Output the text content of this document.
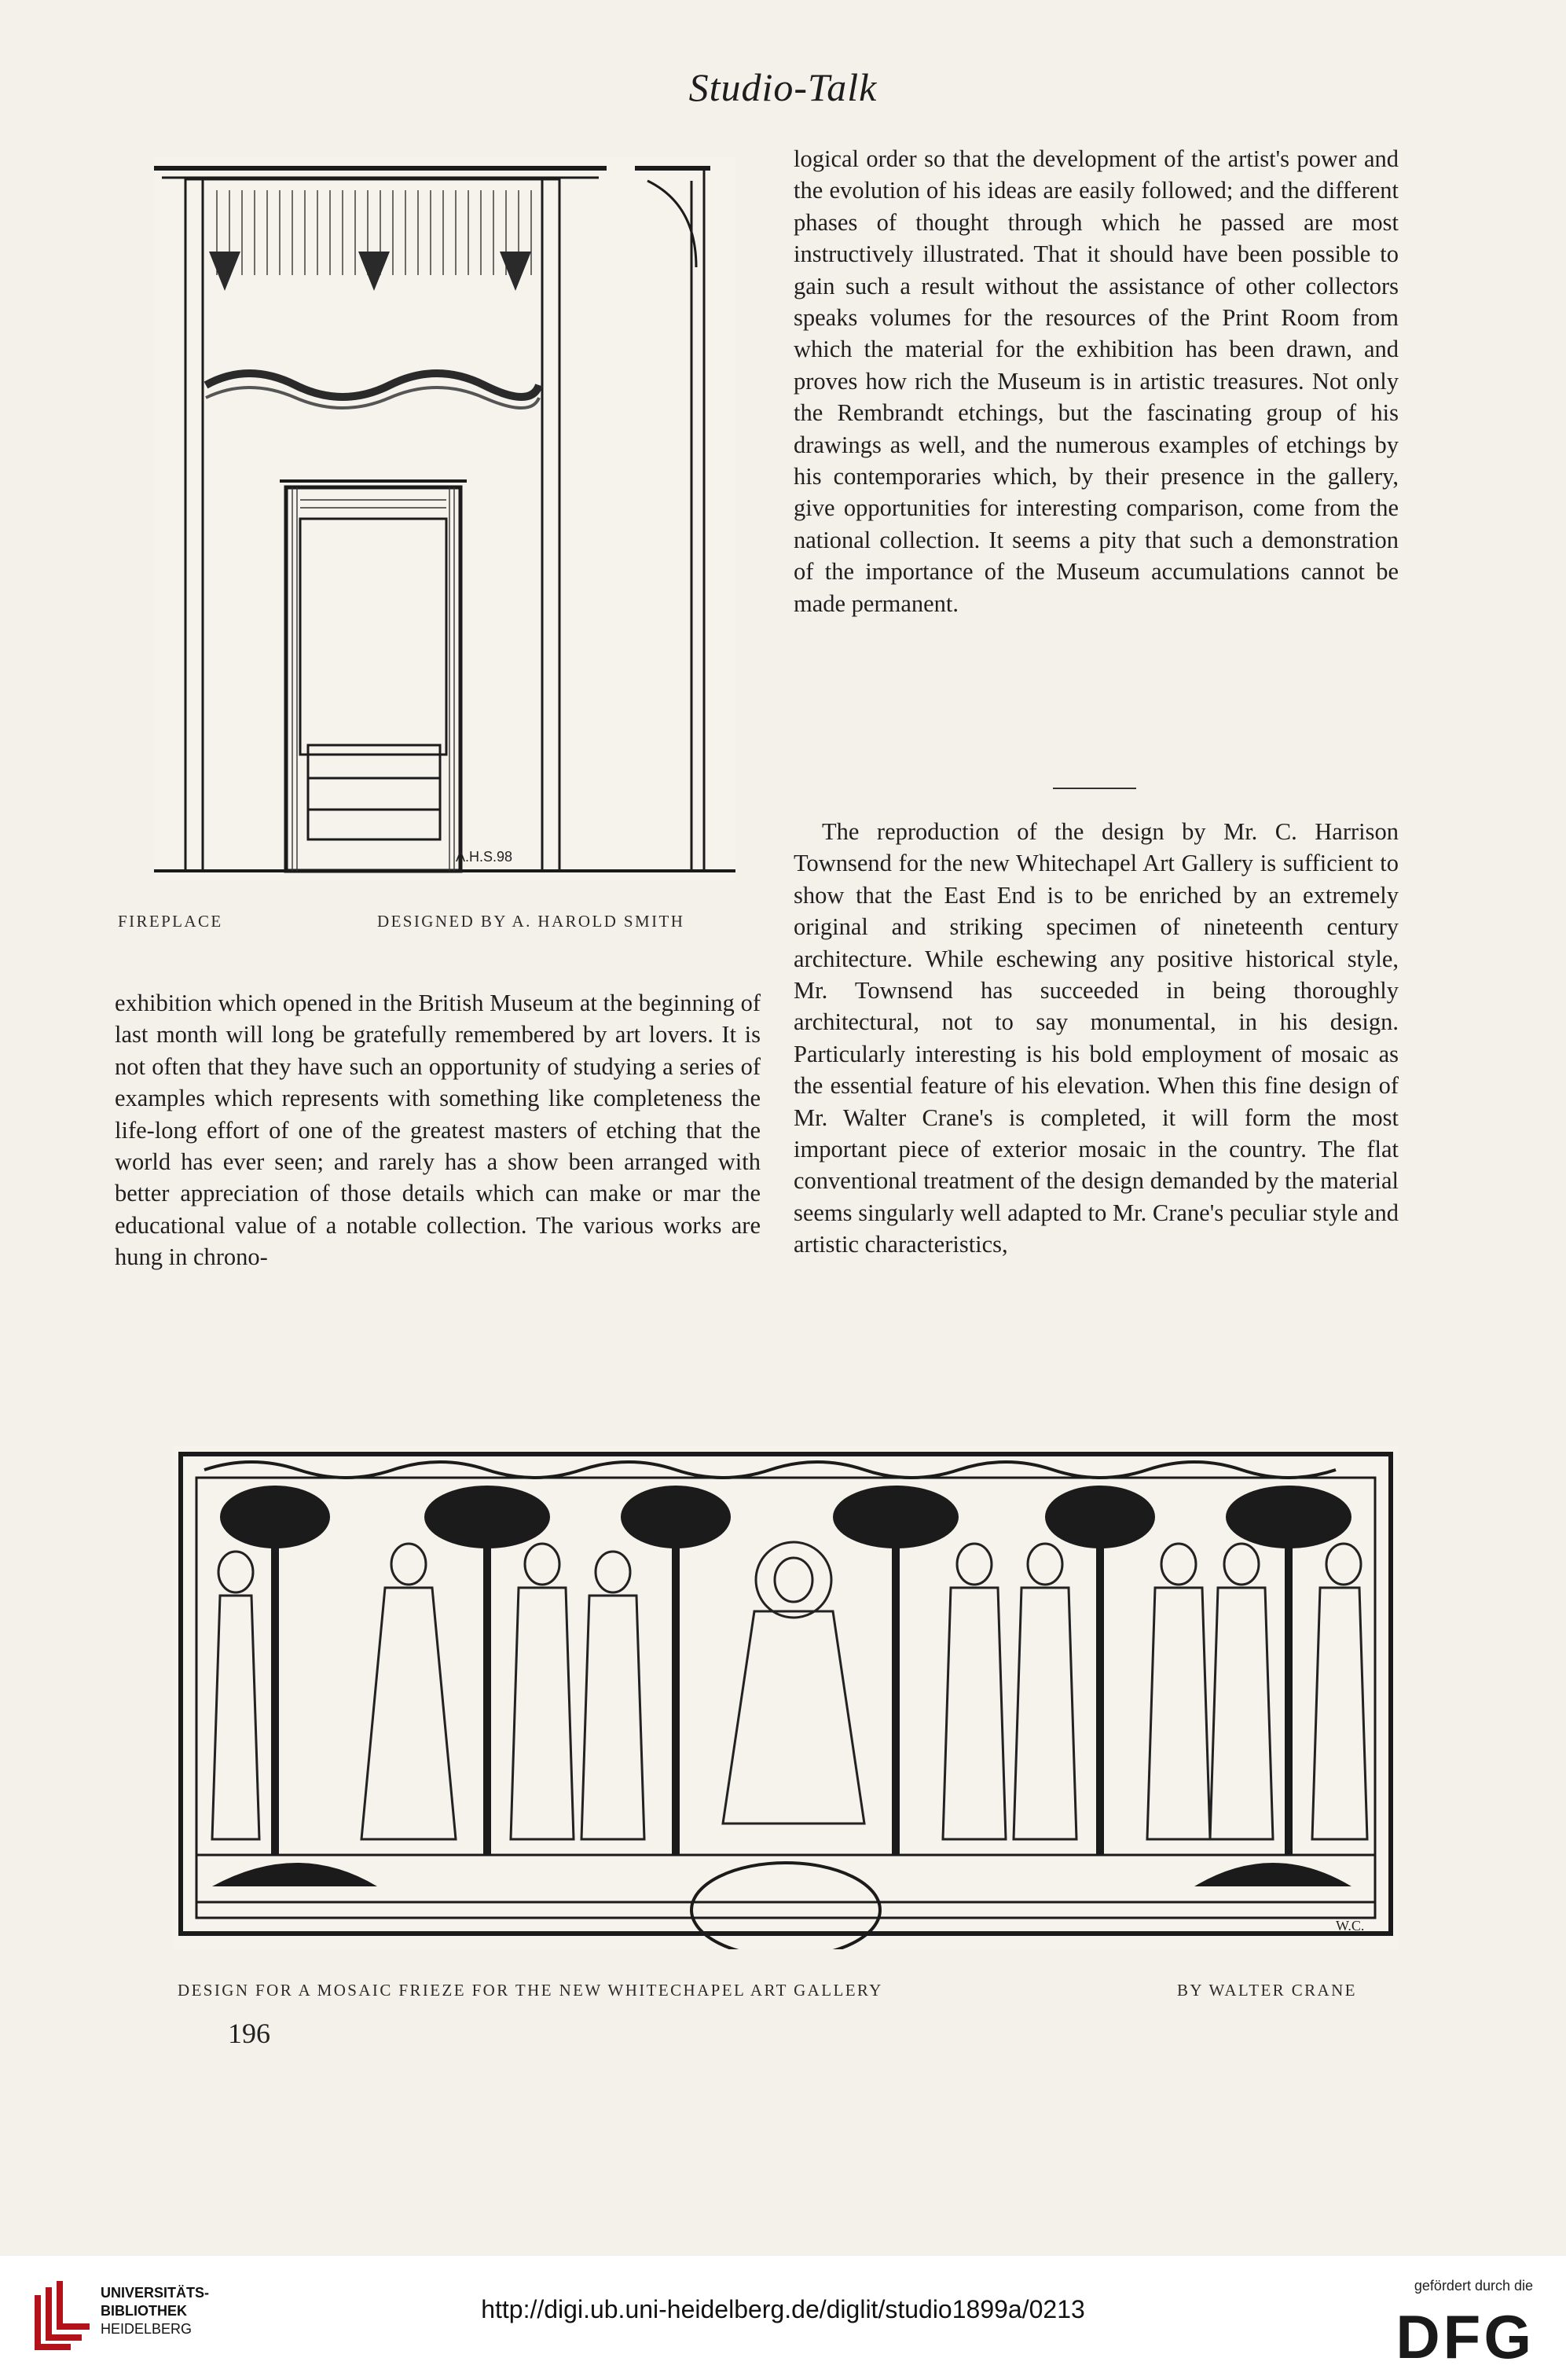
Studio-Talk
A.H.S.98
FIREPLACE	DESIGNED BY A. HAROLD SMITH

logical order so that the development of the artist's power and the evolution of his ideas are easily followed; and the different phases of thought through which he passed are most instructively illustrated. That it should have been possible to gain such a result without the assistance of other collectors speaks volumes for the resources of the Print Room from which the material for the exhibition has been drawn, and proves how rich the Museum is in artistic treasures. Not only the Rembrandt etchings, but the fascinating group of his drawings as well, and the numerous examples of etchings by his contemporaries which, by their presence in the gallery, give opportunities for interesting comparison, come from the national collection. It seems a pity that such a demonstration of the importance of the Museum accumulations cannot be made permanent.

The reproduction of the design by Mr. C. Harrison Townsend for the new Whitechapel Art Gallery is sufficient to show that the East End is to be enriched by an extremely original and striking specimen of nineteenth century architecture. While eschewing any positive historical style, Mr. Townsend has succeeded in being thoroughly architectural, not to say monumental, in his design. Particularly interesting is his bold employment of mosaic as the essential feature of his elevation. When this fine design of Mr. Walter Crane's is completed, it will form the most important piece of exterior mosaic in the country. The flat conventional treatment of the design demanded by the material seems singularly well adapted to Mr. Crane's peculiar style and artistic characteristics,

exhibition which opened in the British Museum at the beginning of last month will long be gratefully remembered by art lovers. It is not often that they have such an opportunity of studying a series of examples which represents with something like completeness the life-long effort of one of the greatest masters of etching that the world has ever seen; and rarely has a show been arranged with better appreciation of those details which can make or mar the educational value of a notable collection. The various works are hung in chrono-

W.C.
DESIGN FOR A MOSAIC FRIEZE FOR THE NEW WHITECHAPEL ART GALLERY	BY WALTER CRANE
196
UNIVERSITÄTS-
BIBLIOTHEK
HEIDELBERG
http://digi.ub.uni-heidelberg.de/diglit/studio1899a/0213
gefördert durch die
DFG
